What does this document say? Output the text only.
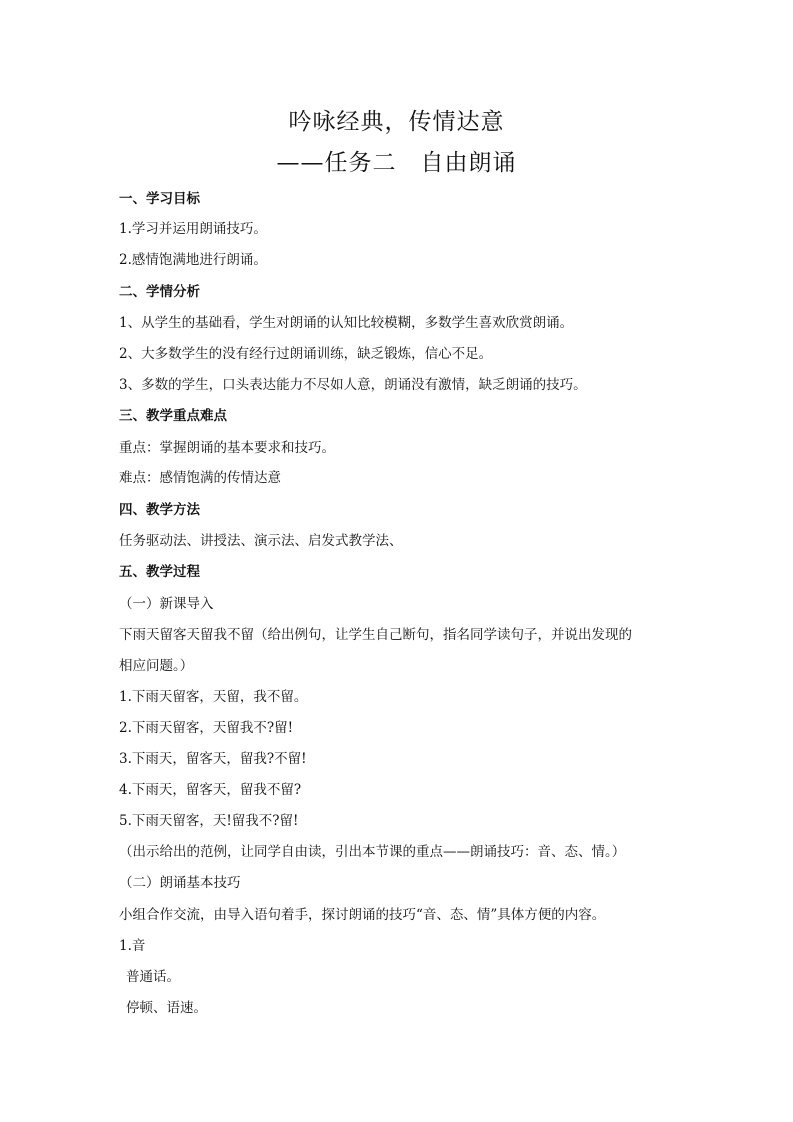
吟咏经典，传情达意
——任务二　自由朗诵
一、学习目标
1.学习并运用朗诵技巧。
2.感情饱满地进行朗诵。
二、学情分析
1、从学生的基础看，学生对朗诵的认知比较模糊，多数学生喜欢欣赏朗诵。
2、大多数学生的没有经行过朗诵训练，缺乏锻炼，信心不足。
3、多数的学生，口头表达能力不尽如人意，朗诵没有激情，缺乏朗诵的技巧。
三、教学重点难点
重点：掌握朗诵的基本要求和技巧。
难点：感情饱满的传情达意
四、教学方法
任务驱动法、讲授法、演示法、启发式教学法、
五、教学过程
（一）新课导入
下雨天留客天留我不留（给出例句，让学生自己断句，指名同学读句子，并说出发现的
相应问题。）
1.下雨天留客，天留，我不留。
2.下雨天留客，天留我不?留!
3.下雨天，留客天，留我?不留!
4.下雨天，留客天，留我不留?
5.下雨天留客，天!留我不?留!
（出示给出的范例，让同学自由读，引出本节课的重点——朗诵技巧：音、态、情。）
（二）朗诵基本技巧
小组合作交流，由导入语句着手，探讨朗诵的技巧“音、态、情”具体方便的内容。
1.音
普通话。
停顿、语速。
